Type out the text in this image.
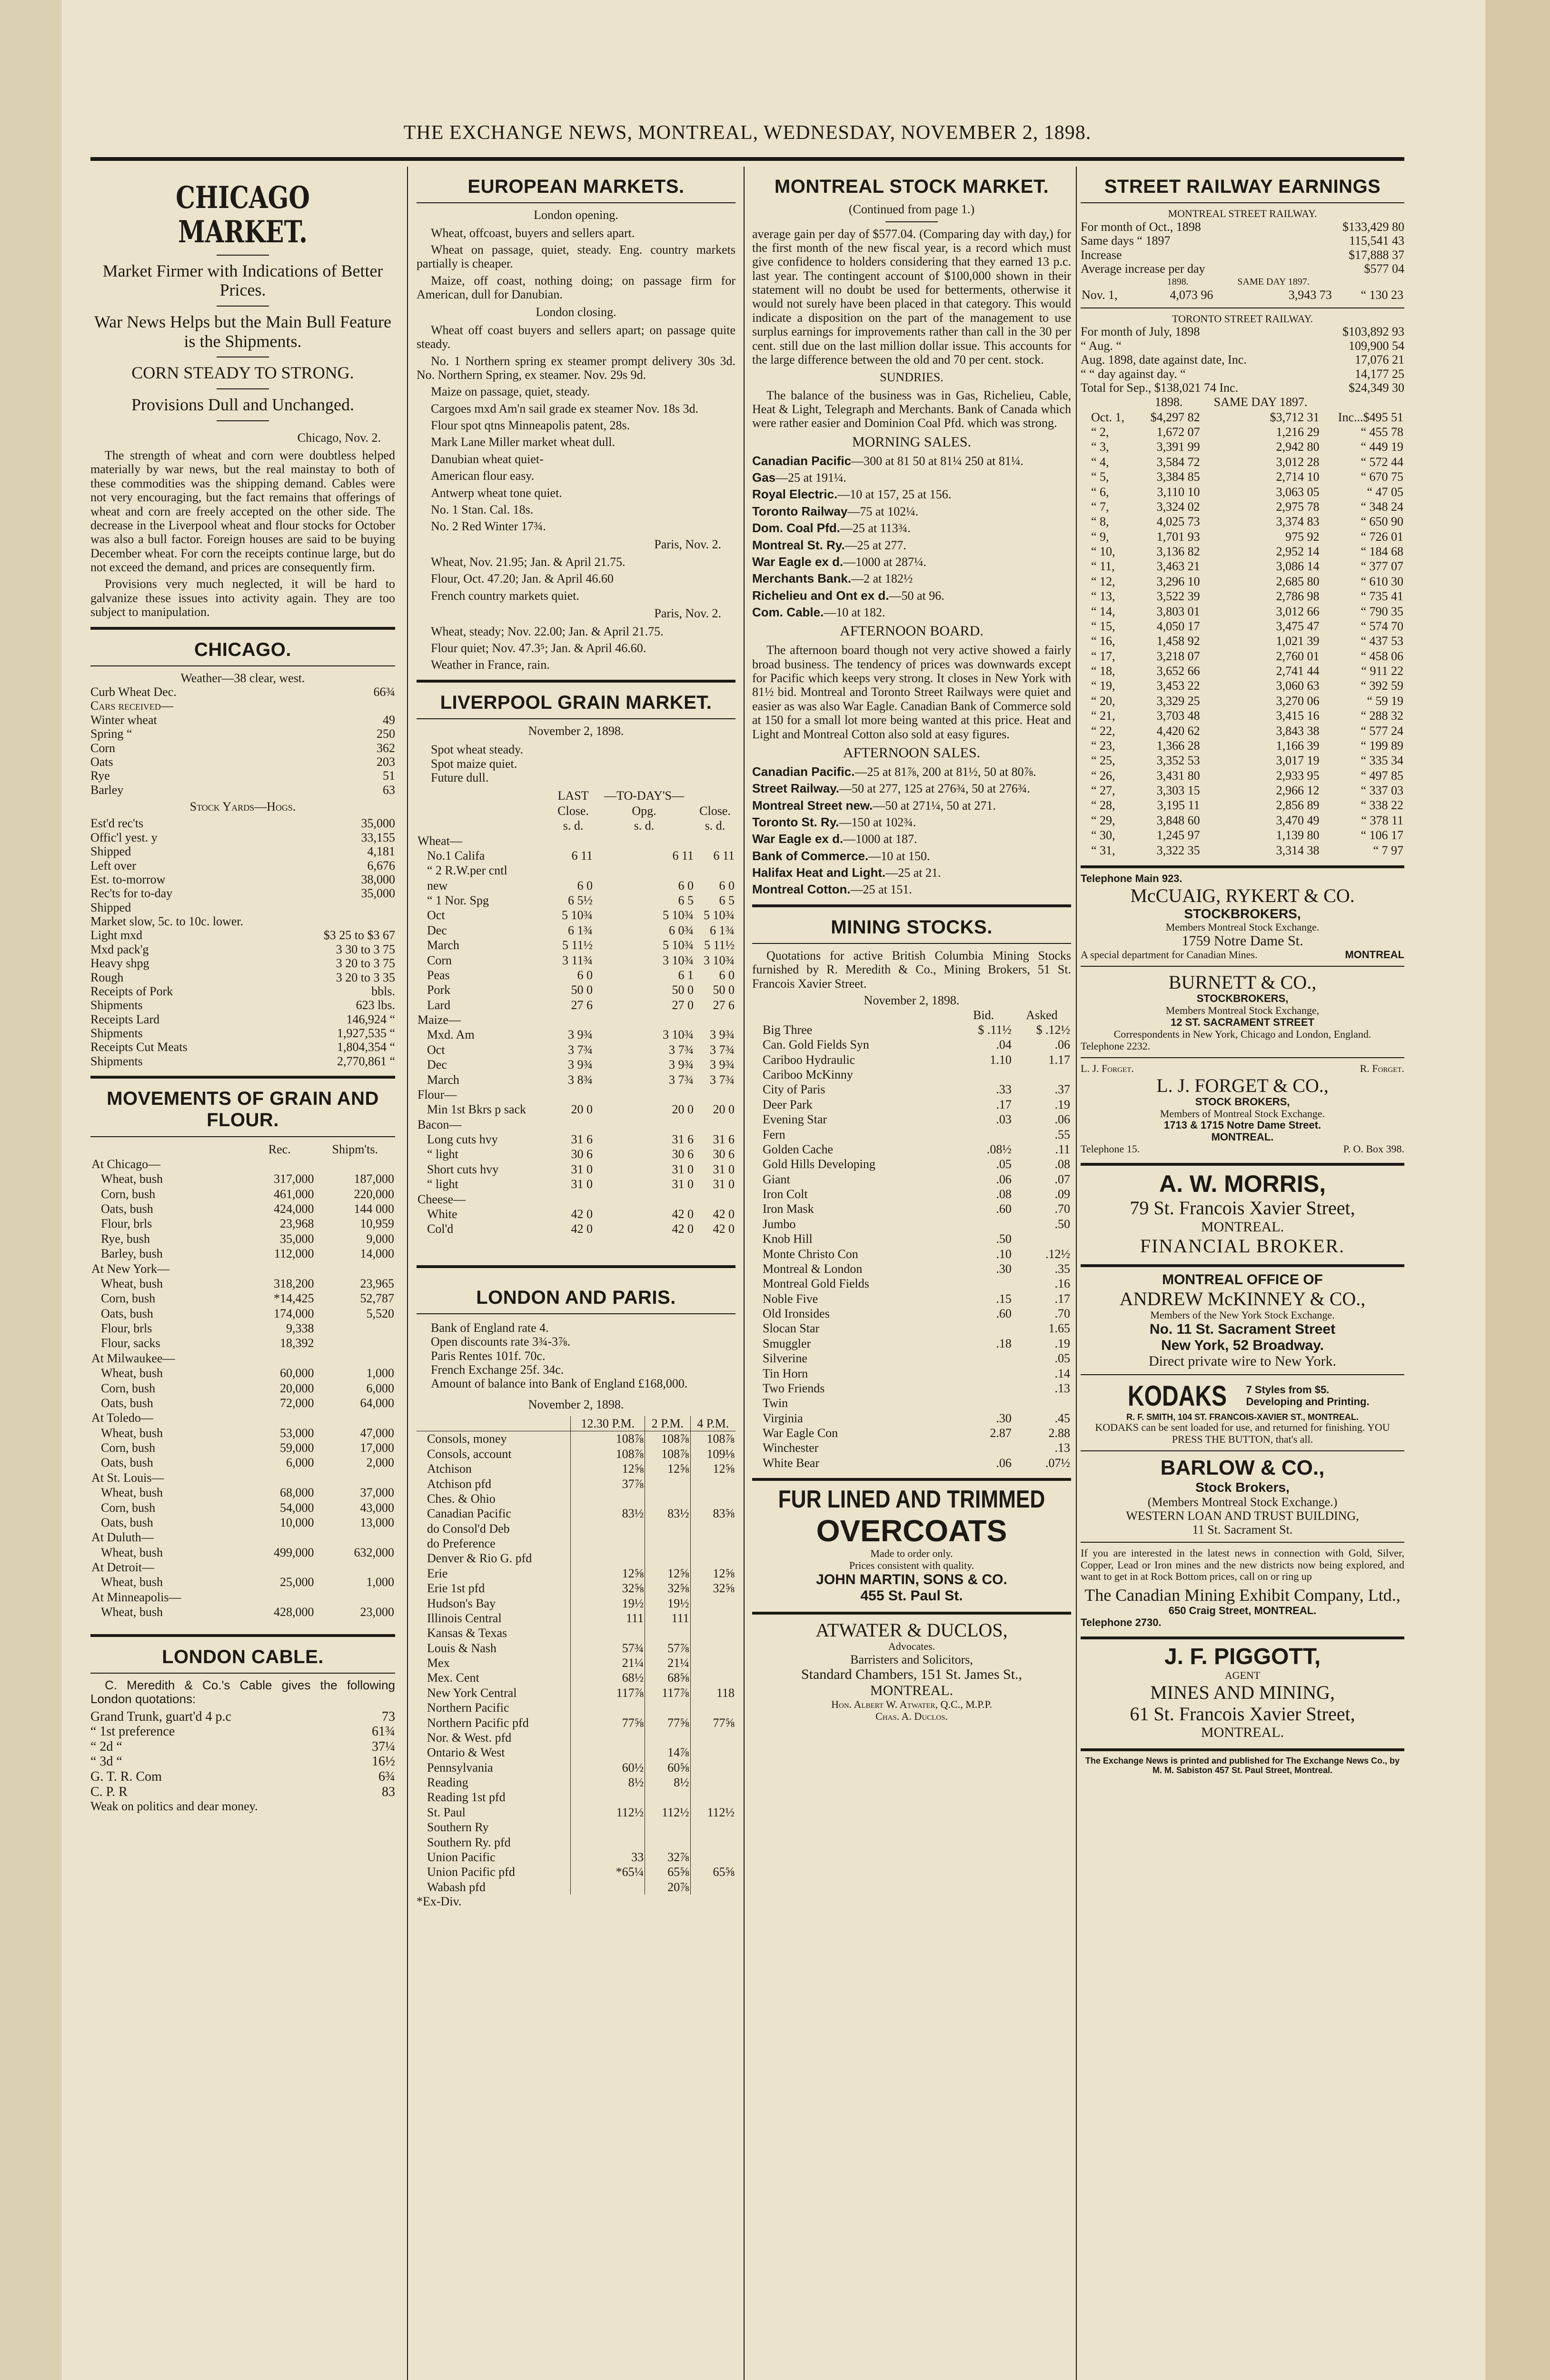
THE EXCHANGE NEWS, MONTREAL, WEDNESDAY, NOVEMBER 2, 1898.
CHICAGO MARKET.
Market Firmer with Indications of Better Prices.
War News Helps but the Main Bull Feature is the Shipments.
CORN STEADY TO STRONG.
Provisions Dull and Unchanged.
Chicago, Nov. 2.

The strength of wheat and corn were doubtless helped materially by war news, but the real mainstay to both of these commodities was the shipping demand. Cables were not very encouraging, but the fact remains that offerings of wheat and corn are freely accepted on the other side. The decrease in the Liverpool wheat and flour stocks for October was also a bull factor. Foreign houses are said to be buying December wheat. For corn the receipts continue large, but do not exceed the demand, and prices are consequently firm.

Provisions very much neglected, it will be hard to galvanize these issues into activity again. They are too subject to manipulation.

CHICAGO.
Weather—38 clear, west.
Curb Wheat Dec.	66¾
Cars received—
Winter wheat	49
Spring “	250
Corn	362
Oats	203
Rye	51
Barley	63
Stock Yards—Hogs.
Est'd rec'ts	35,000
Offic'l yest. y	33,155
Shipped	4,181
Left over	6,676
Est. to-morrow	38,000
Rec'ts for to-day	35,000
Shipped
Market slow, 5c. to 10c. lower.
Light mxd	$3 25 to $3 67
Mxd pack'g	3 30 to 3 75
Heavy shpg	3 20 to 3 75
Rough	3 20 to 3 35
Receipts of Pork	bbls.
Shipments	623 lbs.
Receipts Lard	146,924 “
Shipments	1,927,535 “
Receipts Cut Meats	1,804,354 “
Shipments	2,770,861 “
MOVEMENTS OF GRAIN AND FLOUR.
	Rec.	Shipm'ts.
At Chicago—		
Wheat, bush	317,000	187,000
Corn, bush	461,000	220,000
Oats, bush	424,000	144 000
Flour, brls	23,968	10,959
Rye, bush	35,000	9,000
Barley, bush	112,000	14,000
At New York—		
Wheat, bush	318,200	23,965
Corn, bush	*14,425	52,787
Oats, bush	174,000	5,520
Flour, brls	9,338	
Flour, sacks	18,392	
At Milwaukee—		
Wheat, bush	60,000	1,000
Corn, bush	20,000	6,000
Oats, bush	72,000	64,000
At Toledo—		
Wheat, bush	53,000	47,000
Corn, bush	59,000	17,000
Oats, bush	6,000	2,000
At St. Louis—		
Wheat, bush	68,000	37,000
Corn, bush	54,000	43,000
Oats, bush	10,000	13,000
At Duluth—		
Wheat, bush	499,000	632,000
At Detroit—		
Wheat, bush	25,000	1,000
At Minneapolis—		
Wheat, bush	428,000	23,000
LONDON CABLE.

C. Meredith & Co.'s Cable gives the following London quotations:

Grand Trunk, guart'd 4 p.c	73
“ 1st preference	61¾
“ 2d “	37¼
“ 3d “	16½
G. T. R. Com	6¾
C. P. R	83
Weak on politics and dear money.
EUROPEAN MARKETS.
London opening.

Wheat, offcoast, buyers and sellers apart.

Wheat on passage, quiet, steady. Eng. country markets partially is cheaper.

Maize, off coast, nothing doing; on passage firm for American, dull for Danubian.

London closing.

Wheat off coast buyers and sellers apart; on passage quite steady.

No. 1 Northern spring ex steamer prompt delivery 30s 3d. No. Northern Spring, ex steamer. Nov. 29s 9d.

Maize on passage, quiet, steady.

Cargoes mxd Am'n sail grade ex steamer Nov. 18s 3d.

Flour spot qtns Minneapolis patent, 28s.

Mark Lane Miller market wheat dull.

Danubian wheat quiet-

American flour easy.

Antwerp wheat tone quiet.

No. 1 Stan. Cal. 18s.

No. 2 Red Winter 17¾.

Paris, Nov. 2.

Wheat, Nov. 21.95; Jan. & April 21.75.

Flour, Oct. 47.20; Jan. & April 46.60

French country markets quiet.

Paris, Nov. 2.

Wheat, steady; Nov. 22.00; Jan. & April 21.75.

Flour quiet; Nov. 47.3⁵; Jan. & April 46.60.

Weather in France, rain.

LIVERPOOL GRAIN MARKET.
November 2, 1898.
Spot wheat steady.
Spot maize quiet.
Future dull.
	LAST	—TO-DAY'S—	
	Close.	Opg.	Close.
	s. d.	s. d.	s. d.
Wheat—			
No.1 Califa	6 11	6 11	6 11
“ 2 R.W.per cntl			
new	6 0	6 0	6 0
“ 1 Nor. Spg	6 5½	6 5	6 5
Oct	5 10¾	5 10¾	5 10¾
Dec	6 1¾	6 0¾	6 1¾
March	5 11½	5 10¾	5 11½
Corn	3 11¾	3 10¾	3 10¾
Peas	6 0	6 1	6 0
Pork	50 0	50 0	50 0
Lard	27 6	27 0	27 6
Maize—			
Mxd. Am	3 9¾	3 10¾	3 9¾
Oct	3 7¾	3 7¾	3 7¾
Dec	3 9¾	3 9¾	3 9¾
March	3 8¾	3 7¾	3 7¾
Flour—			
Min 1st Bkrs p sack	20 0	20 0	20 0
Bacon—			
Long cuts hvy	31 6	31 6	31 6
“ light	30 6	30 6	30 6
Short cuts hvy	31 0	31 0	31 0
“ light	31 0	31 0	31 0
Cheese—			
White	42 0	42 0	42 0
Col'd	42 0	42 0	42 0
LONDON AND PARIS.
Bank of England rate 4.
Open discounts rate 3¾-3⅞.
Paris Rentes 101f. 70c.
French Exchange 25f. 34c.
Amount of balance into Bank of England £168,000.
November 2, 1898.
	12.30 P.M.	2 P.M.	4 P.M.
Consols, money	108⅞	108⅞	108⅞
Consols, account	108⅞	108⅞	109⅛
Atchison	12⅝	12⅝	12⅝
Atchison pfd	37⅞		
Ches. & Ohio			
Canadian Pacific	83½	83½	83⅝
do Consol'd Deb			
do Preference			
Denver & Rio G. pfd			
Erie	12⅝	12⅝	12⅝
Erie 1st pfd	32⅝	32⅝	32⅝
Hudson's Bay	19½	19½	
Illinois Central	111	111	
Kansas & Texas			
Louis & Nash	57¾	57⅞	
Mex	21¼	21¼	
Mex. Cent	68½	68⅝	
New York Central	117⅞	117⅞	118
Northern Pacific			
Northern Pacific pfd	77⅝	77⅝	77⅝
Nor. & West. pfd			
Ontario & West		14⅞	
Pennsylvania	60½	60⅝	
Reading	8½	8½	
Reading 1st pfd			
St. Paul	112½	112½	112½
Southern Ry			
Southern Ry. pfd			
Union Pacific	33	32⅞	
Union Pacific pfd	*65¼	65⅝	65⅝
Wabash pfd		20⅞	
*Ex-Div.
MONTREAL STOCK MARKET.
(Continued from page 1.)

average gain per day of $577.04. (Comparing day with day,) for the first month of the new fiscal year, is a record which must give confidence to holders considering that they earned 13 p.c. last year. The contingent account of $100,000 shown in their statement will no doubt be used for betterments, otherwise it would not surely have been placed in that category. This would indicate a disposition on the part of the management to use surplus earnings for improvements rather than call in the 30 per cent. still due on the last million dollar issue. This accounts for the large difference between the old and 70 per cent. stock.

SUNDRIES.

The balance of the business was in Gas, Richelieu, Cable, Heat & Light, Telegraph and Merchants. Bank of Canada which were rather easier and Dominion Coal Pfd. which was strong.

MORNING SALES.

Canadian Pacific—300 at 81 50 at 81¼ 250 at 81¼.

Gas—25 at 191¼.

Royal Electric.—10 at 157, 25 at 156.

Toronto Railway—75 at 102¼.

Dom. Coal Pfd.—25 at 113¾.

Montreal St. Ry.—25 at 277.

War Eagle ex d.—1000 at 287¼.

Merchants Bank.—2 at 182½

Richelieu and Ont ex d.—50 at 96.

Com. Cable.—10 at 182.

AFTERNOON BOARD.

The afternoon board though not very active showed a fairly broad business. The tendency of prices was downwards except for Pacific which keeps very strong. It closes in New York with 81½ bid. Montreal and Toronto Street Railways were quiet and easier as was also War Eagle. Canadian Bank of Commerce sold at 150 for a small lot more being wanted at this price. Heat and Light and Montreal Cotton also sold at easy figures.

AFTERNOON SALES.

Canadian Pacific.—25 at 81⅞, 200 at 81½, 50 at 80⅞.

Street Railway.—50 at 277, 125 at 276¾, 50 at 276¾.

Montreal Street new.—50 at 271¼, 50 at 271.

Toronto St. Ry.—150 at 102¾.

War Eagle ex d.—1000 at 187.

Bank of Commerce.—10 at 150.

Halifax Heat and Light.—25 at 21.

Montreal Cotton.—25 at 151.

MINING STOCKS.

Quotations for active British Columbia Mining Stocks furnished by R. Meredith & Co., Mining Brokers, 51 St. Francois Xavier Street.

November 2, 1898.
	Bid.	Asked
Big Three	$ .11½	$ .12½
Can. Gold Fields Syn	.04	.06
Cariboo Hydraulic	1.10	1.17
Cariboo McKinny		
City of Paris	.33	.37
Deer Park	.17	.19
Evening Star	.03	.06
Fern		.55
Golden Cache	.08½	.11
Gold Hills Developing	.05	.08
Giant	.06	.07
Iron Colt	.08	.09
Iron Mask	.60	.70
Jumbo		.50
Knob Hill	.50	
Monte Christo Con	.10	.12½
Montreal & London	.30	.35
Montreal Gold Fields		.16
Noble Five	.15	.17
Old Ironsides	.60	.70
Slocan Star		1.65
Smuggler	.18	.19
Silverine		.05
Tin Horn		.14
Two Friends		.13
Twin		
Virginia	.30	.45
War Eagle Con	2.87	2.88
Winchester		.13
White Bear	.06	.07½
FUR LINED AND TRIMMED
OVERCOATS
Made to order only.
Prices consistent with quality.
JOHN MARTIN, SONS & CO.
455 St. Paul St.
ATWATER & DUCLOS,
Advocates.
Barristers and Solicitors,
Standard Chambers, 151 St. James St.,
MONTREAL.
Hon. Albert W. Atwater, Q.C., M.P.P.
Chas. A. Duclos.
STREET RAILWAY EARNINGS
MONTREAL STREET RAILWAY.
For month of Oct., 1898	$133,429 80
Same days “ 1897	115,541 43
Increase	$17,888 37
Average increase per day	$577 04
	1898.	SAME DAY 1897.	
Nov. 1,	4,073 96	3,943 73	“ 130 23
TORONTO STREET RAILWAY.
For month of July, 1898	$103,892 93
“ Aug. “	109,900 54
Aug. 1898, date against date, Inc.	17,076 21
“ “ day against day. “	14,177 25
Total for Sep., $138,021 74 Inc.	$24,349 30
	1898.	SAME DAY 1897.	
Oct. 1,	$4,297 82	$3,712 31	Inc...$495 51
“ 2,	1,672 07	1,216 29	“ 455 78
“ 3,	3,391 99	2,942 80	“ 449 19
“ 4,	3,584 72	3,012 28	“ 572 44
“ 5,	3,384 85	2,714 10	“ 670 75
“ 6,	3,110 10	3,063 05	“ 47 05
“ 7,	3,324 02	2,975 78	“ 348 24
“ 8,	4,025 73	3,374 83	“ 650 90
“ 9,	1,701 93	975 92	“ 726 01
“ 10,	3,136 82	2,952 14	“ 184 68
“ 11,	3,463 21	3,086 14	“ 377 07
“ 12,	3,296 10	2,685 80	“ 610 30
“ 13,	3,522 39	2,786 98	“ 735 41
“ 14,	3,803 01	3,012 66	“ 790 35
“ 15,	4,050 17	3,475 47	“ 574 70
“ 16,	1,458 92	1,021 39	“ 437 53
“ 17,	3,218 07	2,760 01	“ 458 06
“ 18,	3,652 66	2,741 44	“ 911 22
“ 19,	3,453 22	3,060 63	“ 392 59
“ 20,	3,329 25	3,270 06	“ 59 19
“ 21,	3,703 48	3,415 16	“ 288 32
“ 22,	4,420 62	3,843 38	“ 577 24
“ 23,	1,366 28	1,166 39	“ 199 89
“ 25,	3,352 53	3,017 19	“ 335 34
“ 26,	3,431 80	2,933 95	“ 497 85
“ 27,	3,303 15	2,966 12	“ 337 03
“ 28,	3,195 11	2,856 89	“ 338 22
“ 29,	3,848 60	3,470 49	“ 378 11
“ 30,	1,245 97	1,139 80	“ 106 17
“ 31,	3,322 35	3,314 38	“ 7 97
Telephone Main 923.
McCUAIG, RYKERT & CO.
STOCKBROKERS,
Members Montreal Stock Exchange.
1759 Notre Dame St.
A special department for Canadian Mines.	MONTREAL
BURNETT & CO.,
STOCKBROKERS,
Members Montreal Stock Exchange,
12 ST. SACRAMENT STREET
Correspondents in New York, Chicago and London, England.
Telephone 2232.
L. J. Forget.	R. Forget.
L. J. FORGET & CO.,
STOCK BROKERS,
Members of Montreal Stock Exchange.
1713 & 1715 Notre Dame Street.
MONTREAL.
Telephone 15.	P. O. Box 398.
A. W. MORRIS,
79 St. Francois Xavier Street,
MONTREAL.
FINANCIAL BROKER.
MONTREAL OFFICE OF
ANDREW McKINNEY & CO.,
Members of the New York Stock Exchange.
No. 11 St. Sacrament Street
New York, 52 Broadway.
Direct private wire to New York.
KODAKS 7 Styles from $5.
Developing and Printing.
R. F. SMITH, 104 ST. FRANCOIS-XAVIER ST., MONTREAL.
KODAKS can be sent loaded for use, and returned for finishing. YOU PRESS THE BUTTON, that's all.
BARLOW & CO.,
Stock Brokers,
(Members Montreal Stock Exchange.)
WESTERN LOAN AND TRUST BUILDING,
11 St. Sacrament St.

If you are interested in the latest news in connection with Gold, Silver, Copper, Lead or Iron mines and the new districts now being explored, and want to get in at Rock Bottom prices, call on or ring up

The Canadian Mining Exhibit Company, Ltd.,
650 Craig Street, MONTREAL.
Telephone 2730.
J. F. PIGGOTT,
AGENT
MINES AND MINING,
61 St. Francois Xavier Street,
MONTREAL.
The Exchange News is printed and published for The Exchange News Co., by M. M. Sabiston 457 St. Paul Street, Montreal.
